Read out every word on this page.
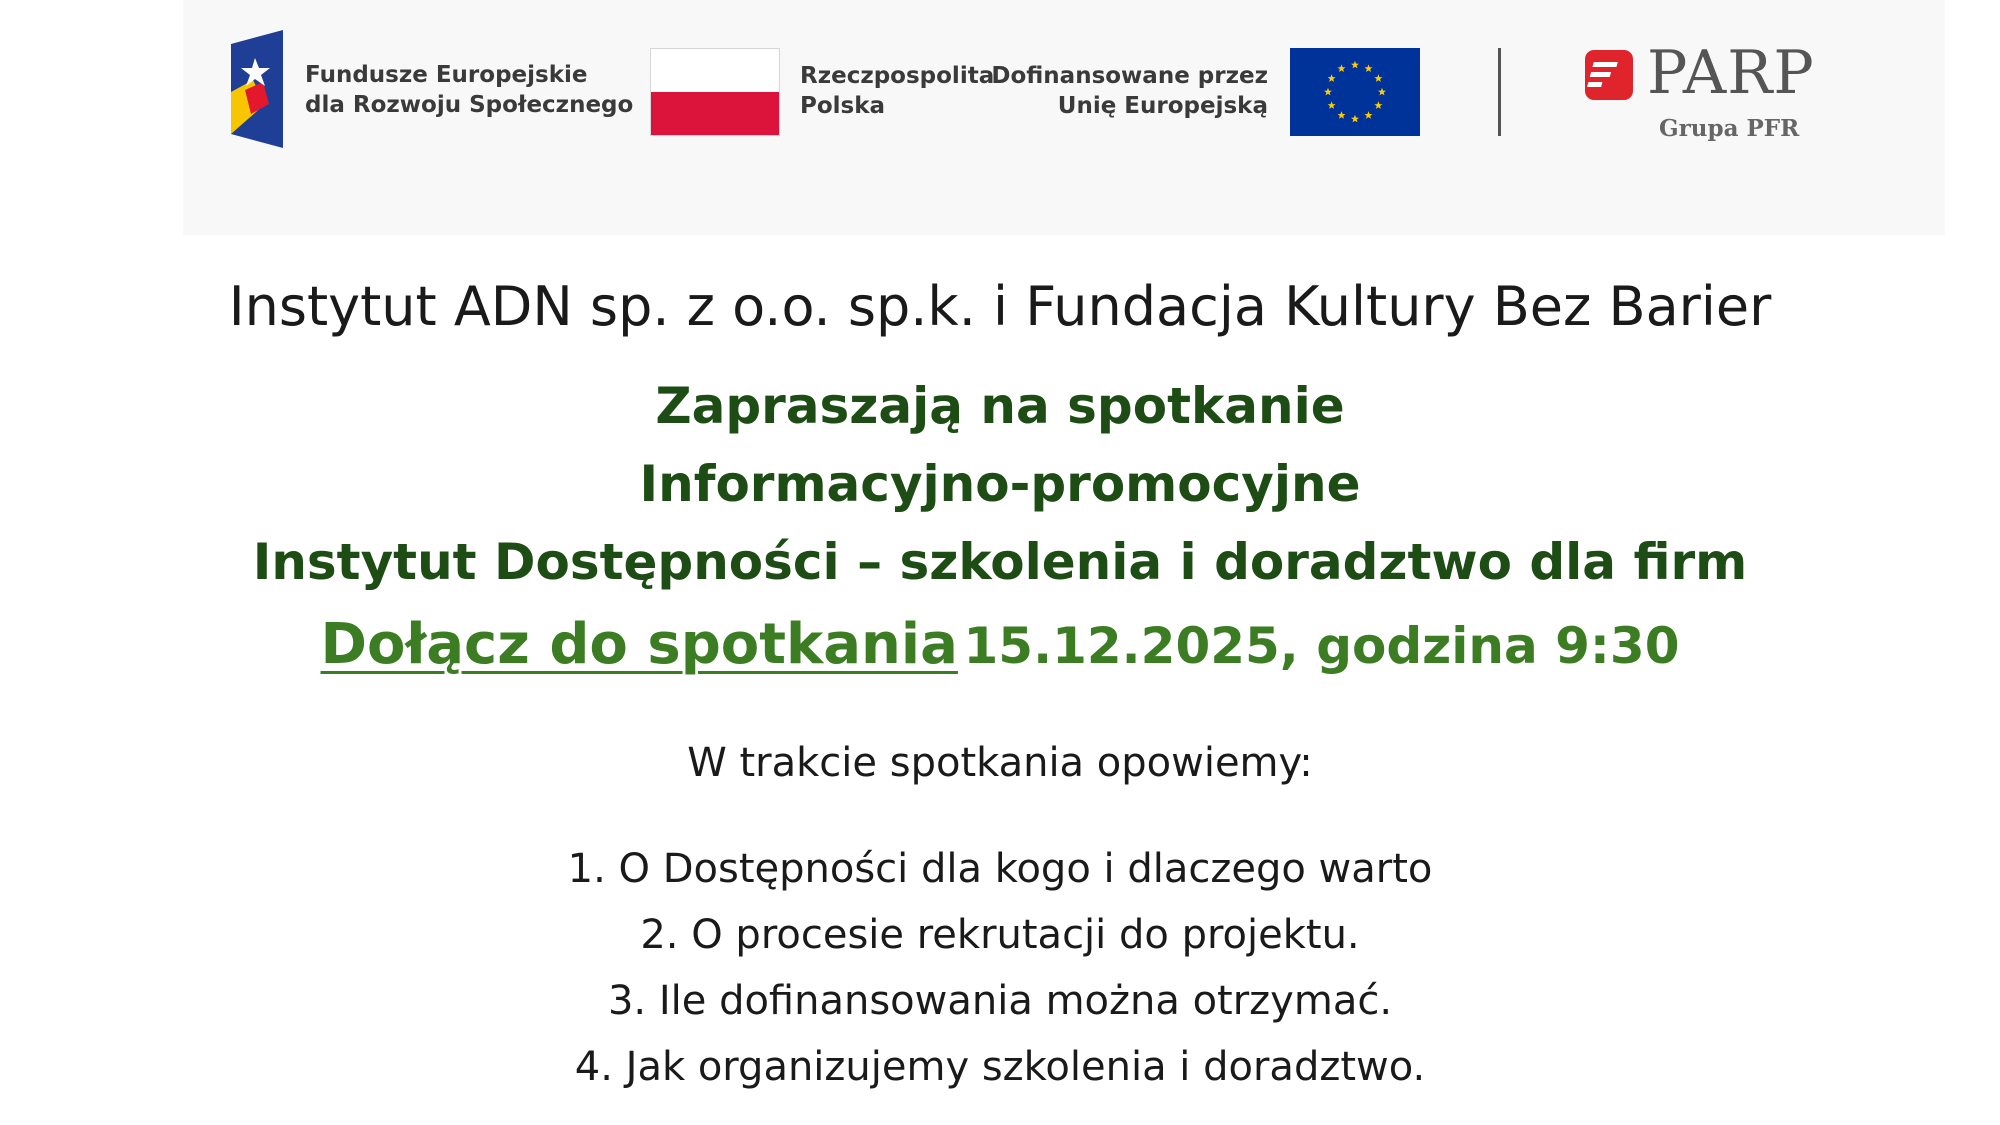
Fundusze Europejskie
dla Rozwoju Społecznego
Rzeczpospolita
Polska
Dofinansowane przez
Unię Europejską	PARP
Grupa PFR

Instytut ADN sp. z o.o. sp.k. i Fundacja Kultury Bez Barier

Zapraszają na spotkanie

Informacyjno-promocyjne

Instytut Dostępności – szkolenia i doradztwo dla firm

Dołącz do spotkania 15.12.2025, godzina 9:30

W trakcie spotkania opowiemy:

1. O Dostępności dla kogo i dlaczego warto
2. O procesie rekrutacji do projektu.
3. Ile dofinansowania można otrzymać.
4. Jak organizujemy szkolenia i doradztwo.
